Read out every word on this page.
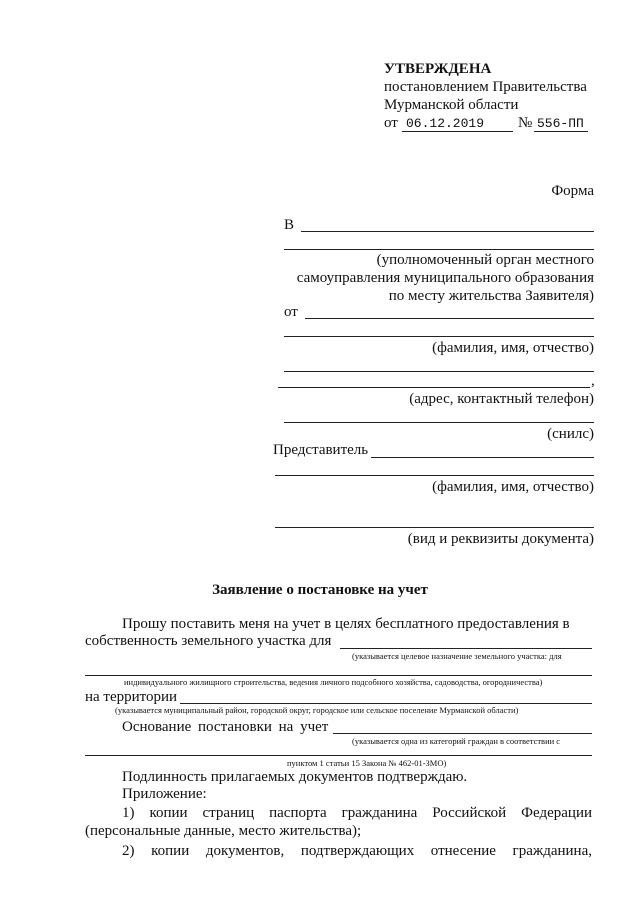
УТВЕРЖДЕНА
постановлением Правительства
Мурманской области
от 06.12.2019 № 556-ПП
Форма
В
(уполномоченный орган местного
самоуправления муниципального образования
по месту жительства Заявителя)
от
(фамилия, имя, отчество)
,
(адрес, контактный телефон)
(снилс)
Представитель
(фамилия, имя, отчество)
(вид и реквизиты документа)
Заявление о постановке на учет
Прошу поставить меня на учет в целях бесплатного предоставления в
собственность земельного участка для
(указывается целевое назначение земельного участка: для
индивидуального жилищного строительства, ведения личного подсобного хозяйства, садоводства, огородничества)
на территории
(указывается муниципальный район, городской округ, городское или сельское поселение Мурманской области)
Основание постановки на учет
(указывается одна из категорий граждан в соответствии с
пунктом 1 статьи 15 Закона № 462-01-ЗМО)
Подлинность прилагаемых документов подтверждаю.
Приложение:
1) копии страниц паспорта гражданина Российской Федерации
(персональные данные, место жительства);
2) копии документов, подтверждающих отнесение гражданина,
